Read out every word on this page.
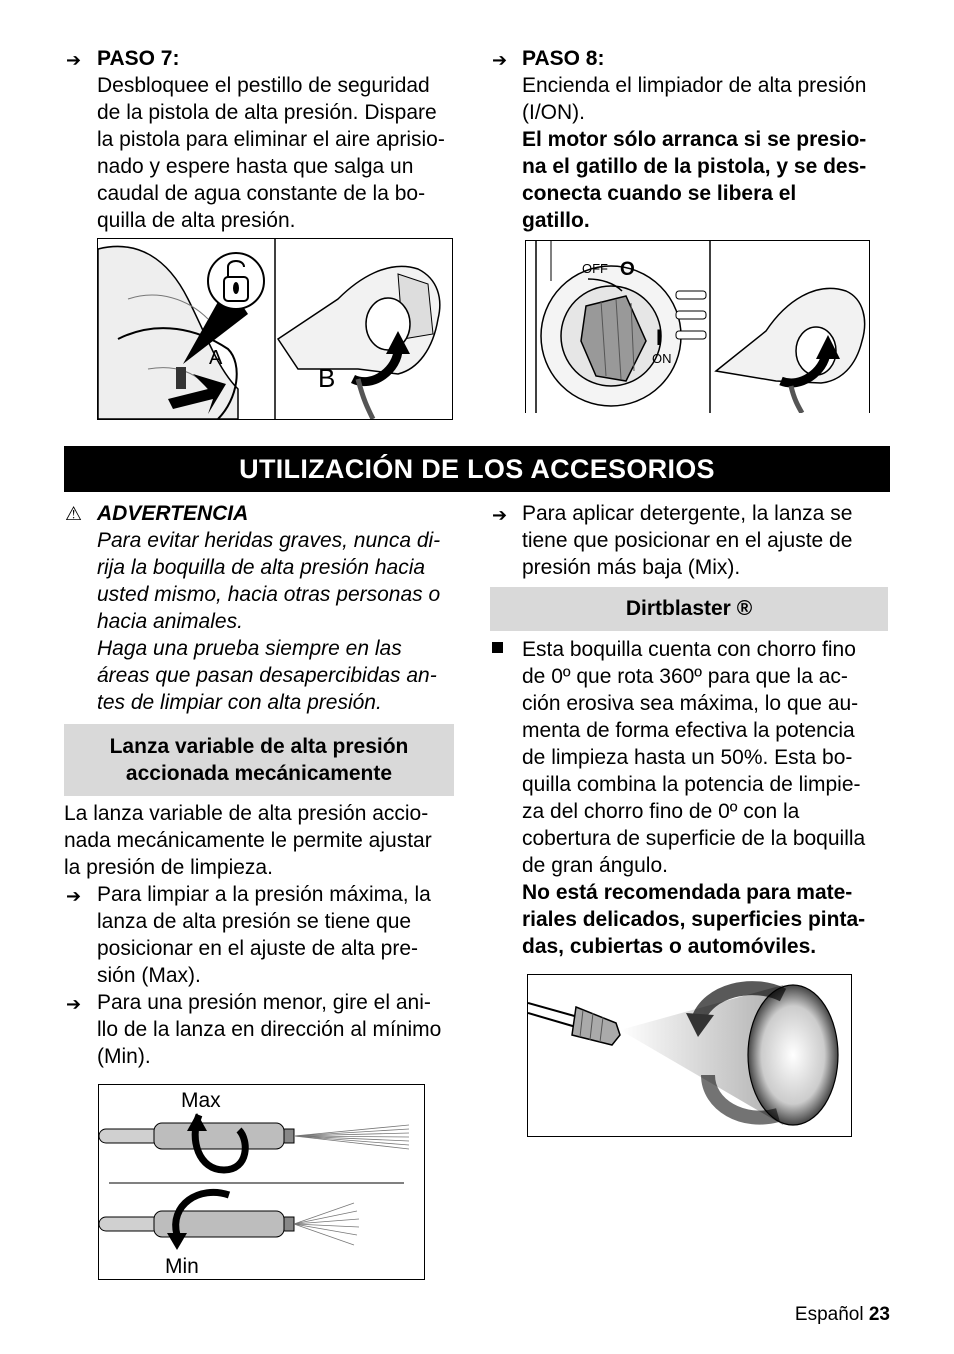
➔ PASO 7:
Desbloquee el pestillo de seguridad
de la pistola de alta presión. Dispare
la pistola para eliminar el aire aprisio-
nado y espere hasta que salga un
caudal de agua constante de la bo-
quilla de alta presión.
A
B
➔ PASO 8:
Encienda el limpiador de alta presión
(I/ON).
El motor sólo arranca si se presio-
na el gatillo de la pistola, y se des-
conecta cuando se libera el
gatillo.
OFF O
I
ON
UTILIZACIÓN DE LOS ACCESORIOS
⚠ ADVERTENCIA
Para evitar heridas graves, nunca di-
rija la boquilla de alta presión hacia
usted mismo, hacia otras personas o
hacia animales.
Haga una prueba siempre en las
áreas que pasan desapercibidas an-
tes de limpiar con alta presión.
Lanza variable de alta presión
accionada mecánicamente
La lanza variable de alta presión accio-
nada mecánicamente le permite ajustar
la presión de limpieza.
➔ Para limpiar a la presión máxima, la
lanza de alta presión se tiene que
posicionar en el ajuste de alta pre-
sión (Max).
➔ Para una presión menor, gire el ani-
llo de la lanza en dirección al mínimo
(Min).
Max
Min
➔ Para aplicar detergente, la lanza se
tiene que posicionar en el ajuste de
presión más baja (Mix).
Dirtblaster ®
Esta boquilla cuenta con chorro fino
de 0º que rota 360º para que la ac-
ción erosiva sea máxima, lo que au-
menta de forma efectiva la potencia
de limpieza hasta un 50%. Esta bo-
quilla combina la potencia de limpie-
za del chorro fino de 0º con la
cobertura de superficie de la boquilla
de gran ángulo.
No está recomendada para mate-
riales delicados, superficies pinta-
das, cubiertas o automóviles.
Español 23
